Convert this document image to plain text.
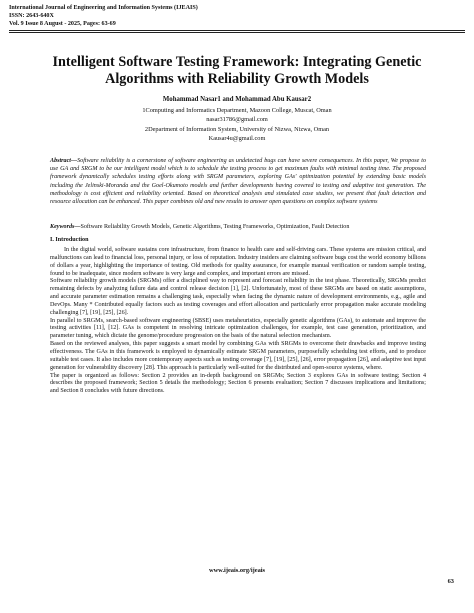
International Journal of Engineering and Information Systems (IJEAIS)
ISSN: 2643-640X
Vol. 9 Issue 8 August - 2025, Pages: 63-69
Intelligent Software Testing Framework: Integrating Genetic
Algorithms with Reliability Growth Models
Mohammad Nasar1 and Mohammad Abu Kausar2
1Computing and Informatics Department, Mazoon College, Muscat, Oman
nasar31786@gmail.com
2Department of Information System, University of Nizwa, Nizwa, Oman
Kausar4u@gmail.com
Abstract—Software reliability is a cornerstone of software engineering as undetected bugs can have severe consequences. In this paper, We propose to use GA and SRGM to be our intelligent model which is to schedule the testing process to get maximum faults with minimal testing time. The proposed framework dynamically schedules testing efforts along with SRGM parameters, exploring GAs' optimization potential by extending basic models including the Jelinski-Moranda and the Goel-Okumoto models and further developments having covered to testing and adaptive test generation. The methodology is cost efficient and reliability oriented. Based on theoretical analysis and simulated case studies, we present that fault detection and resource allocation can be enhanced. This paper combines old and new results to answer open questions on complex software systems
Keywords—Software Reliability Growth Models, Genetic Algorithms, Testing Frameworks, Optimization, Fault Detection
I. Introduction

In the digital world, software sustains core infrastructure, from finance to health care and self-driving cars. These systems are mission critical, and malfunctions can lead to financial loss, personal injury, or loss of reputation. Industry insiders are claiming software bugs cost the world economy billions of dollars a year, highlighting the importance of testing. Old methods for quality assurance, for example manual verification or random sample testing, found to be inadequate, since modern software is very large and complex, and important errors are missed.

Software reliability growth models (SRGMs) offer a disciplined way to represent and forecast reliability in the test phase. Theoretically, SRGMs predict remaining defects by analyzing failure data and control release decision [1], [2]. Unfortunately, most of these SRGMs are based on static assumptions, and accurate parameter estimation remains a challenging task, especially when facing the dynamic nature of development environments, e.g., agile and DevOps. Many * Contributed equally factors such as testing coverages and effort allocation and particularly error propagation make accurate modeling challenging [7], [19], [25], [26].

In parallel to SRGMs, search-based software engineering (SBSE) uses metaheuristics, especially genetic algorithms (GAs), to automate and improve the testing activities [11], [12]. GAs is competent in resolving intricate optimization challenges, for example, test case generation, prioritization, and parameter tuning, which dictate the genome/procedure progression on the basis of the natural selection mechanism.

Based on the reviewed analyses, this paper suggests a smart model by combining GAs with SRGMs to overcome their drawbacks and improve testing effectiveness. The GAs in this framework is employed to dynamically estimate SRGM parameters, purposefully scheduling test efforts, and to produce suitable test cases. It also includes more contemporary aspects such as testing coverage [7], [19], [25], [26], error propagation [26], and adaptive test input generation for vulnerability discovery [28]. This approach is particularly well-suited for the distributed and open-source systems, where.

The paper is organized as follows: Section 2 provides an in-depth background on SRGMs; Section 3 explores GAs in software testing; Section 4 describes the proposed framework; Section 5 details the methodology; Section 6 presents evaluation; Section 7 discusses implications and limitations; and Section 8 concludes with future directions.

www.ijeais.org/ijeais
63
